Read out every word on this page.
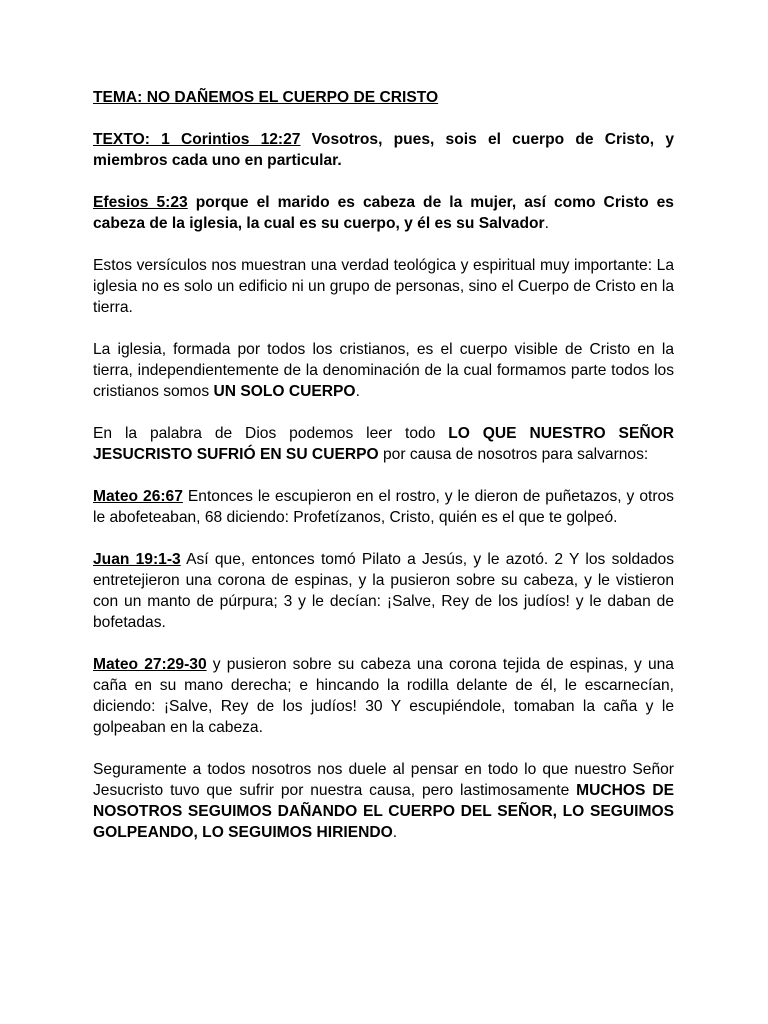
TEMA: NO DAÑEMOS EL CUERPO DE CRISTO

TEXTO: 1 Corintios 12:27 Vosotros, pues, sois el cuerpo de Cristo, y miembros cada uno en particular.

Efesios 5:23 porque el marido es cabeza de la mujer, así como Cristo es cabeza de la iglesia, la cual es su cuerpo, y él es su Salvador.

Estos versículos nos muestran una verdad teológica y espiritual muy importante: La iglesia no es solo un edificio ni un grupo de personas, sino el Cuerpo de Cristo en la tierra.

La iglesia, formada por todos los cristianos, es el cuerpo visible de Cristo en la tierra, independientemente de la denominación de la cual formamos parte todos los cristianos somos UN SOLO CUERPO.

En la palabra de Dios podemos leer todo LO QUE NUESTRO SEÑOR JESUCRISTO SUFRIÓ EN SU CUERPO por causa de nosotros para salvarnos:

Mateo 26:67 Entonces le escupieron en el rostro, y le dieron de puñetazos, y otros le abofeteaban, 68 diciendo: Profetízanos, Cristo, quién es el que te golpeó.

Juan 19:1-3 Así que, entonces tomó Pilato a Jesús, y le azotó. 2 Y los soldados entretejieron una corona de espinas, y la pusieron sobre su cabeza, y le vistieron con un manto de púrpura; 3 y le decían: ¡Salve, Rey de los judíos! y le daban de bofetadas.

Mateo 27:29-30 y pusieron sobre su cabeza una corona tejida de espinas, y una caña en su mano derecha; e hincando la rodilla delante de él, le escarnecían, diciendo: ¡Salve, Rey de los judíos! 30 Y escupiéndole, tomaban la caña y le golpeaban en la cabeza.

Seguramente a todos nosotros nos duele al pensar en todo lo que nuestro Señor Jesucristo tuvo que sufrir por nuestra causa, pero lastimosamente MUCHOS DE NOSOTROS SEGUIMOS DAÑANDO EL CUERPO DEL SEÑOR, LO SEGUIMOS GOLPEANDO, LO SEGUIMOS HIRIENDO.
